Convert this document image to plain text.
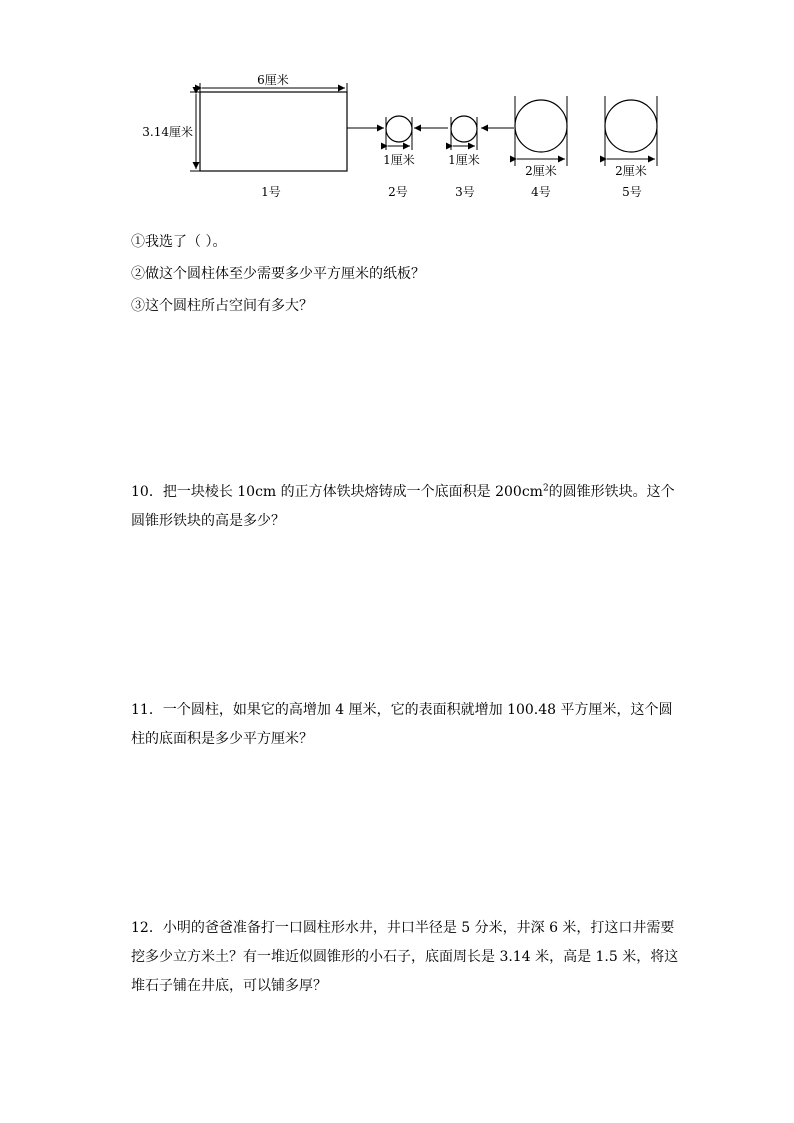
6厘米
3.14厘米
1号
1厘米
2号
1厘米
3号
2厘米
4号
2厘米
5号
①我选了（ ）。
②做这个圆柱体至少需要多少平方厘米的纸板？
③这个圆柱所占空间有多大？

10．把一块棱长 10cm 的正方体铁块熔铸成一个底面积是 $200cm^2$的圆锥形铁块。这个

圆锥形铁块的高是多少？

11．一个圆柱，如果它的高增加 4 厘米，它的表面积就增加 100.48 平方厘米，这个圆

柱的底面积是多少平方厘米？

12．小明的爸爸准备打一口圆柱形水井，井口半径是 5 分米，井深 6 米，打这口井需要

挖多少立方米土？有一堆近似圆锥形的小石子，底面周长是 3.14 米，高是 1.5 米，将这

堆石子铺在井底，可以铺多厚？
